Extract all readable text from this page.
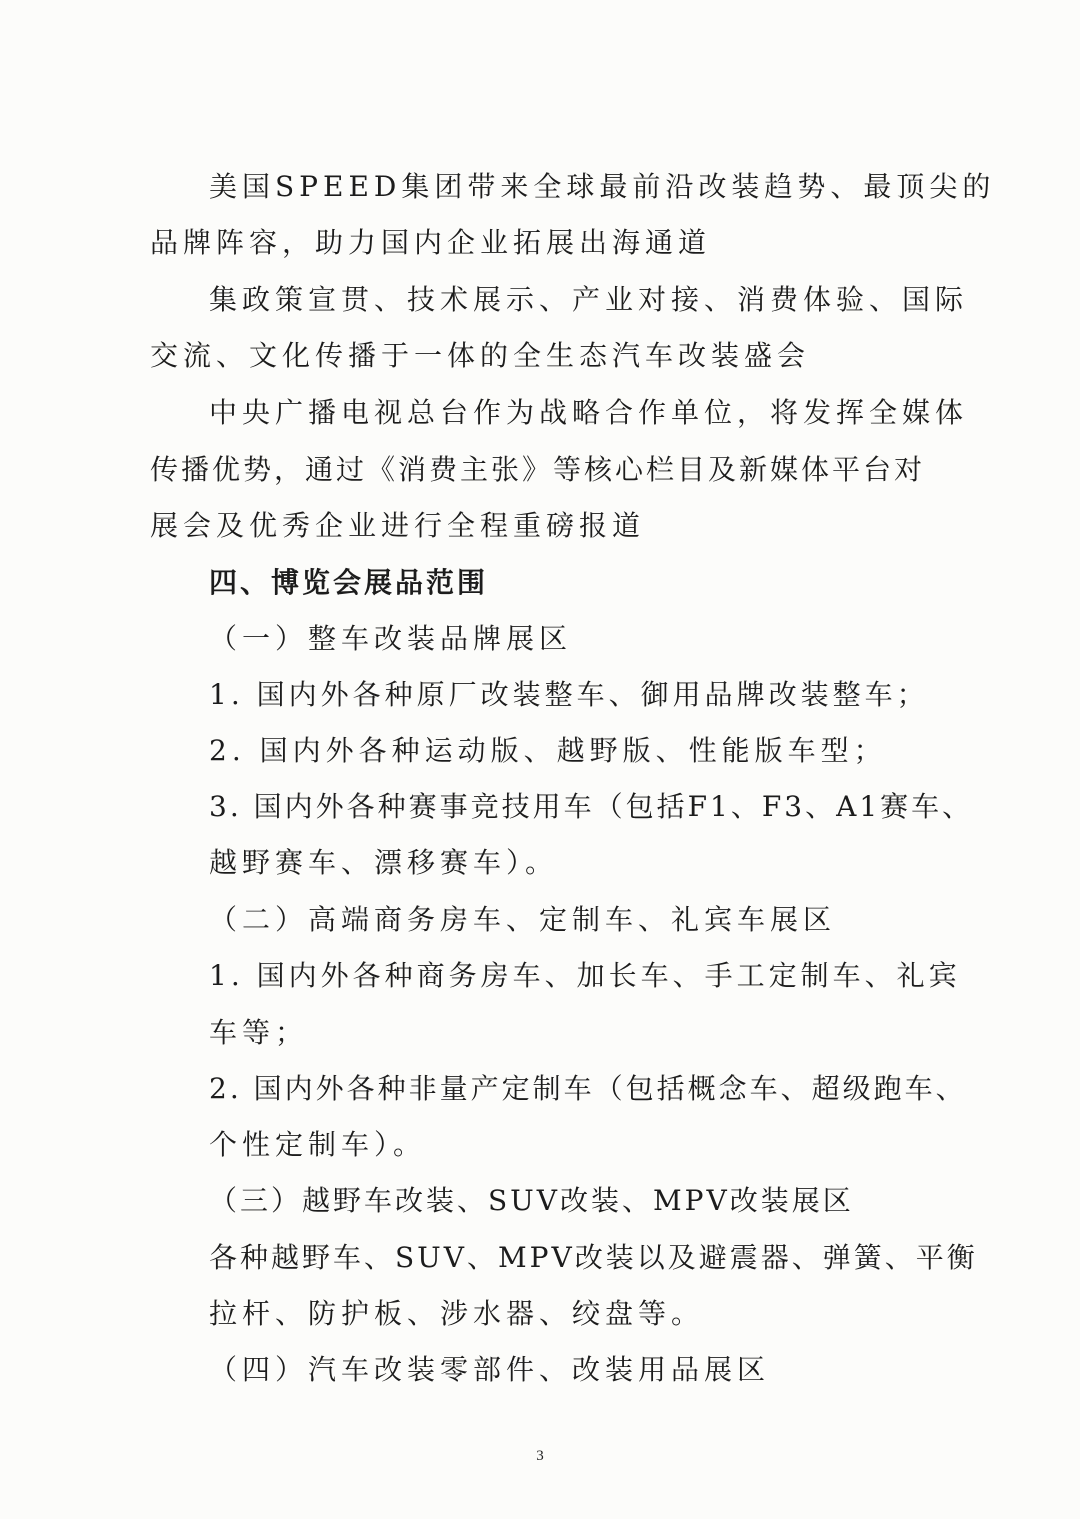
美国SPEED集团带来全球最前沿改装趋势、最顶尖的
品牌阵容，助力国内企业拓展出海通道
集政策宣贯、技术展示、产业对接、消费体验、国际
交流、文化传播于一体的全生态汽车改装盛会
中央广播电视总台作为战略合作单位，将发挥全媒体
传播优势，通过《消费主张》等核心栏目及新媒体平台对
展会及优秀企业进行全程重磅报道
四、博览会展品范围
（一）整车改装品牌展区
1. 国内外各种原厂改装整车、御用品牌改装整车；
2. 国内外各种运动版、越野版、性能版车型；
3. 国内外各种赛事竞技用车（包括F1、F3、A1赛车、
越野赛车、漂移赛车）。
（二）高端商务房车、定制车、礼宾车展区
1. 国内外各种商务房车、加长车、手工定制车、礼宾
车等；
2. 国内外各种非量产定制车（包括概念车、超级跑车、
个性定制车）。
（三）越野车改装、SUV改装、MPV改装展区
各种越野车、SUV、MPV改装以及避震器、弹簧、平衡
拉杆、防护板、涉水器、绞盘等。
（四）汽车改装零部件、改装用品展区
3
